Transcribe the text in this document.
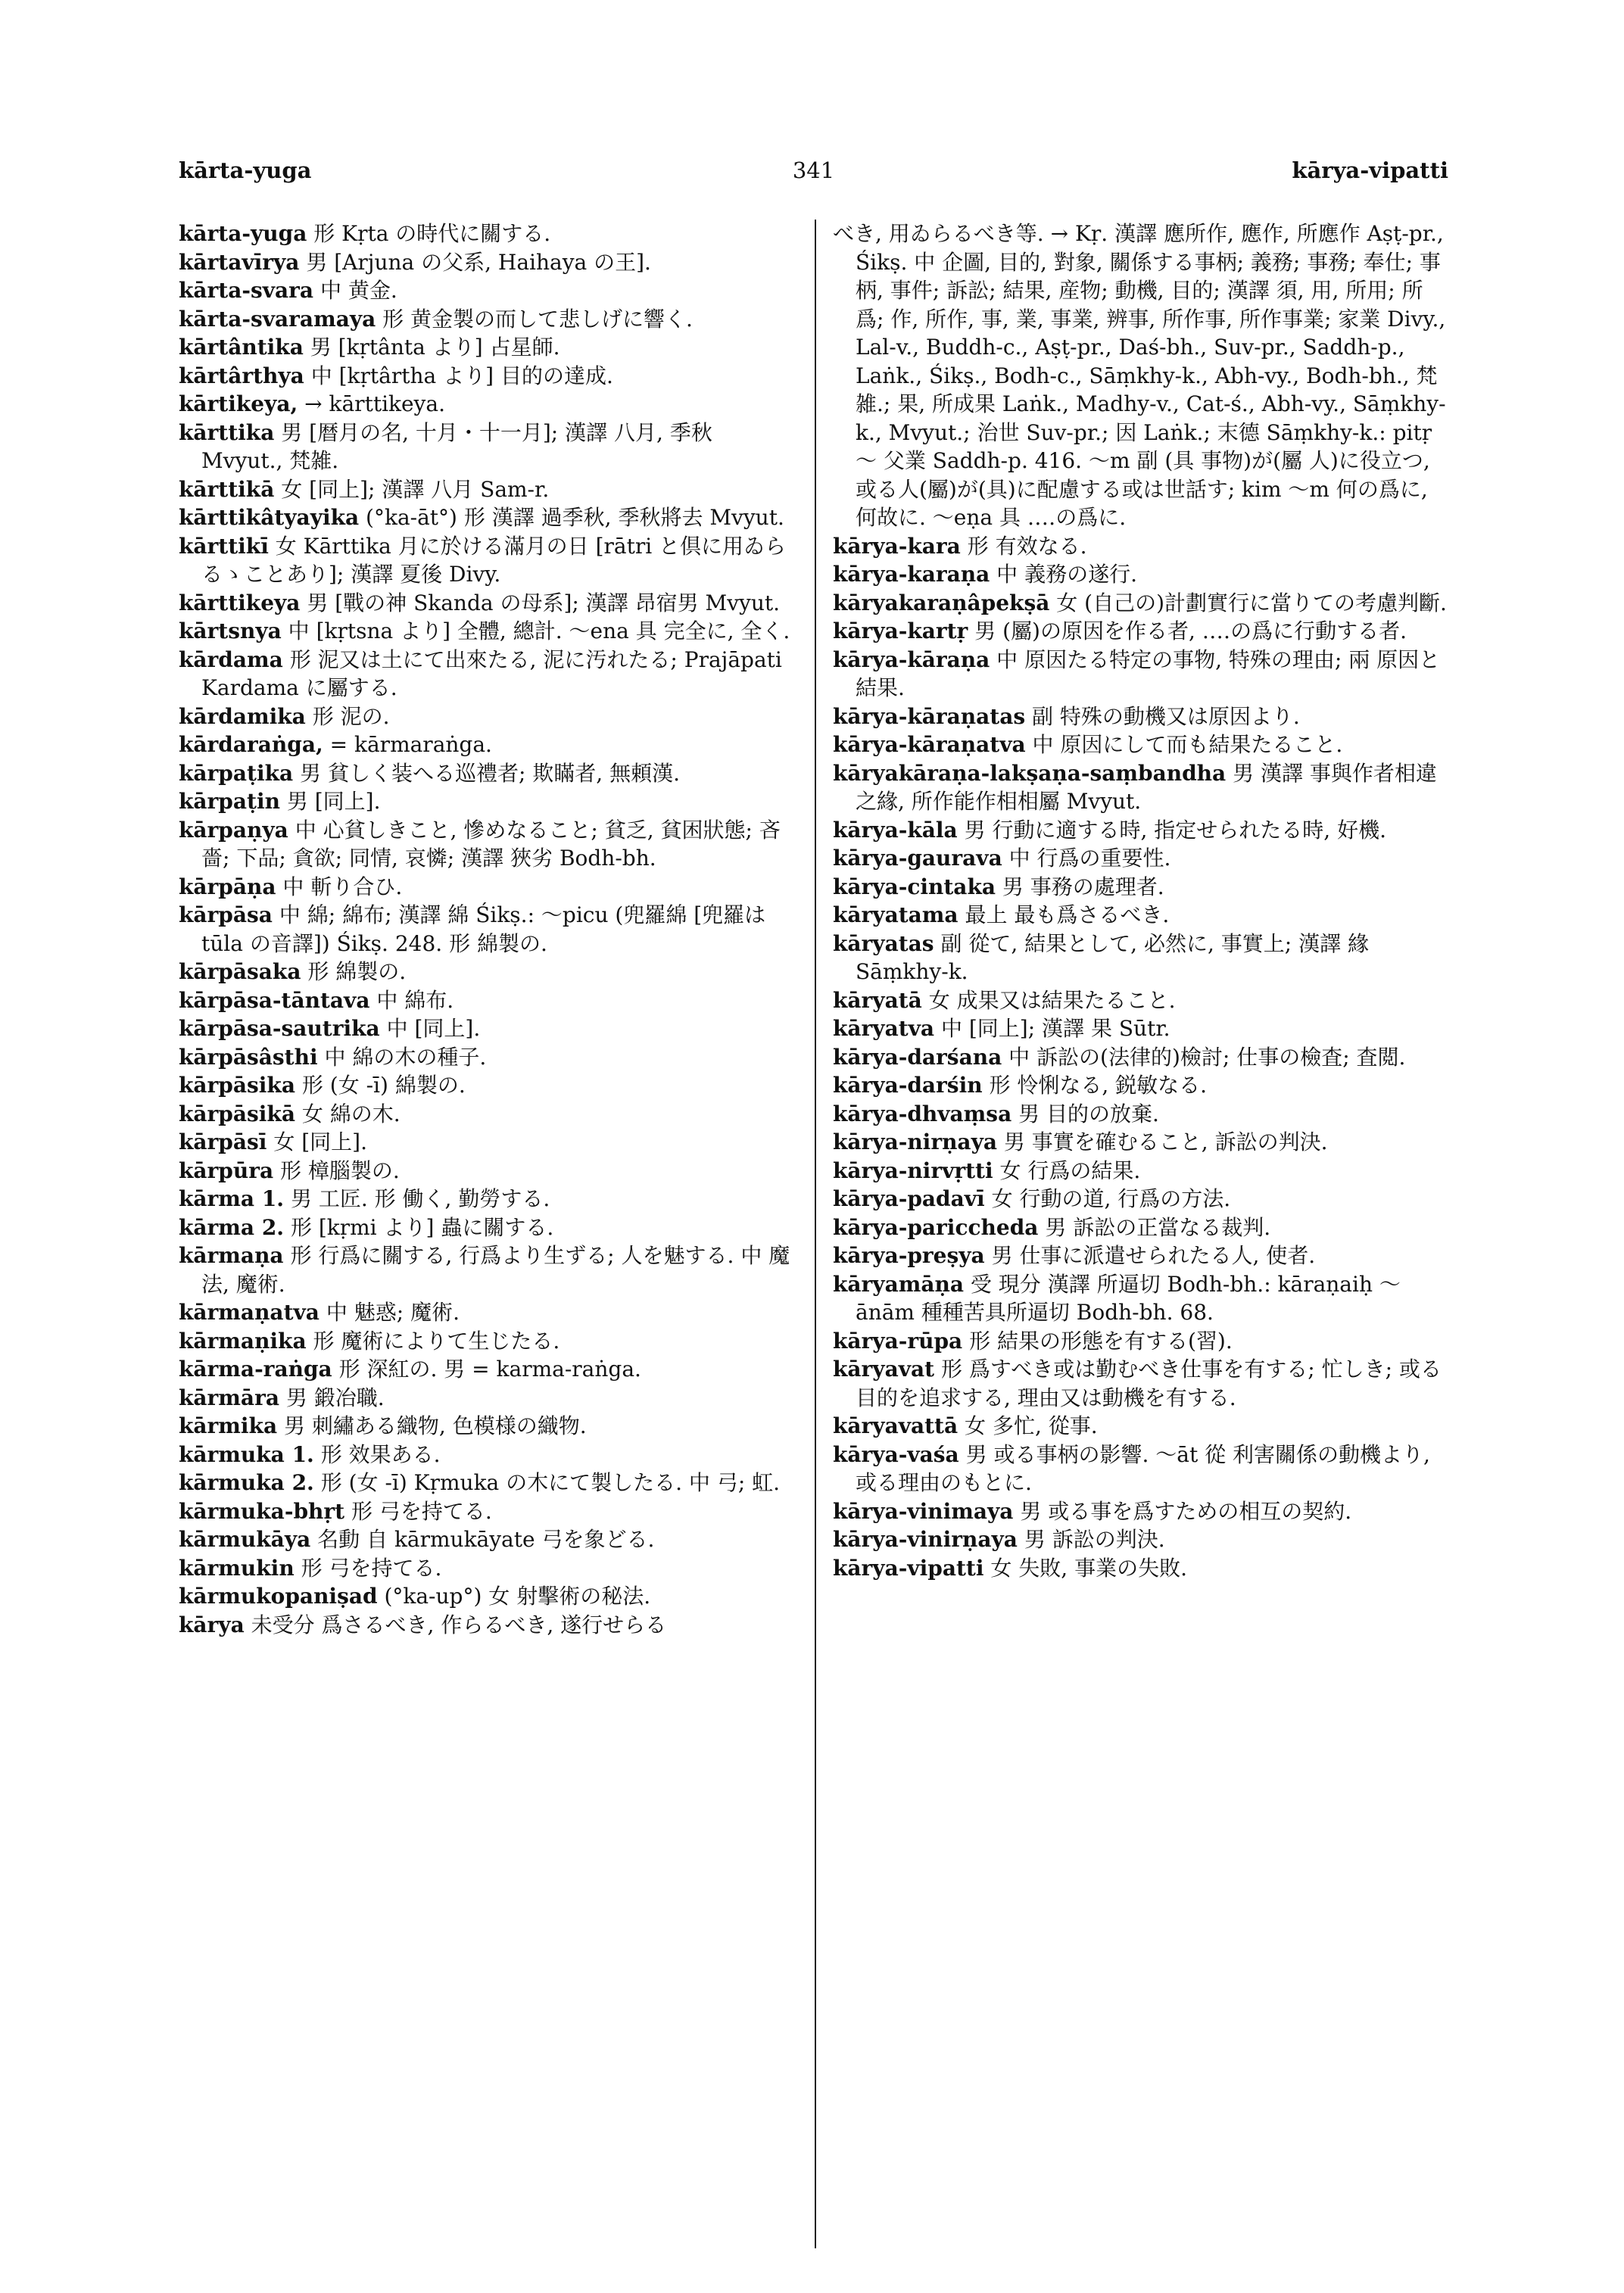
kārta-yuga	341	kārya-vipatti

kārta-yuga 形 Kṛta の時代に關する.

kārtavīrya 男 [Arjuna の父系, Haihaya の王].

kārta-svara 中 黄金.

kārta-svaramaya 形 黄金製の而して悲しげに響く.

kārtântika 男 [kṛtânta より] 占星師.

kārtârthya 中 [kṛtârtha より] 目的の達成.

kārtikeya, → kārttikeya.

kārttika 男 [暦月の名, 十月・十一月]; 漢譯 八月, 季秋 Mvyut., 梵雑.

kārttikā 女 [同上]; 漢譯 八月 Sam-r.

kārttikâtyayika (°ka-āt°) 形 漢譯 過季秋, 季秋將去 Mvyut.

kārttikī 女 Kārttika 月に於ける滿月の日 [rātri と倶に用ゐらるゝことあり]; 漢譯 夏後 Divy.

kārttikeya 男 [戰の神 Skanda の母系]; 漢譯 昂宿男 Mvyut.

kārtsnya 中 [kṛtsna より] 全體, 總計. ～ena 具 完全に, 全く.

kārdama 形 泥又は土にて出來たる, 泥に汚れたる; Prajāpati Kardama に屬する.

kārdamika 形 泥の.

kārdaraṅga, = kārmaraṅga.

kārpaṭika 男 貧しく装へる巡禮者; 欺瞞者, 無頼漢.

kārpaṭin 男 [同上].

kārpaṇya 中 心貧しきこと, 慘めなること; 貧乏, 貧困狀態; 吝嗇; 下品; 貪欲; 同情, 哀憐; 漢譯 狹劣 Bodh-bh.

kārpāṇa 中 斬り合ひ.

kārpāsa 中 綿; 綿布; 漢譯 綿 Śikṣ.: ～picu (兜羅綿 [兜羅は tūla の音譯]) Śikṣ. 248. 形 綿製の.

kārpāsaka 形 綿製の.

kārpāsa-tāntava 中 綿布.

kārpāsa-sautrika 中 [同上].

kārpāsâsthi 中 綿の木の種子.

kārpāsika 形 (女 -ī) 綿製の.

kārpāsikā 女 綿の木.

kārpāsī 女 [同上].

kārpūra 形 樟腦製の.

kārma 1. 男 工匠. 形 働く, 勤勞する.

kārma 2. 形 [kṛmi より] 蟲に關する.

kārmaṇa 形 行爲に關する, 行爲より生ずる; 人を魅する. 中 魔法, 魔術.

kārmaṇatva 中 魅惑; 魔術.

kārmaṇika 形 魔術によりて生じたる.

kārma-raṅga 形 深紅の. 男 = karma-raṅga.

kārmāra 男 鍛冶職.

kārmika 男 刺繡ある織物, 色模様の織物.

kārmuka 1. 形 效果ある.

kārmuka 2. 形 (女 -ī) Kṛmuka の木にて製したる. 中 弓; 虹.

kārmuka-bhṛt 形 弓を持てる.

kārmukāya 名動 自 kārmukāyate 弓を象どる.

kārmukin 形 弓を持てる.

kārmukopaniṣad (°ka-up°) 女 射擊術の秘法.

kārya 未受分 爲さるべき, 作らるべき, 遂行せらる

べき, 用ゐらるべき等. → Kṛ. 漢譯 應所作, 應作, 所應作 Aṣṭ-pr., Śikṣ. 中 企圖, 目的, 對象, 關係する事柄; 義務; 事務; 奉仕; 事柄, 事件; 訴訟; 結果, 産物; 動機, 目的; 漢譯 須, 用, 所用; 所爲; 作, 所作, 事, 業, 事業, 辨事, 所作事, 所作事業; 家業 Divy., Lal-v., Buddh-c., Aṣṭ-pr., Daś-bh., Suv-pr., Saddh-p., Laṅk., Śikṣ., Bodh-c., Sāṃkhy-k., Abh-vy., Bodh-bh., 梵雑.; 果, 所成果 Laṅk., Madhy-v., Cat-ś., Abh-vy., Sāṃkhy-k., Mvyut.; 治世 Suv-pr.; 因 Laṅk.; 末德 Sāṃkhy-k.: pitṛ～ 父業 Saddh-p. 416. ～m 副 (具 事物)が(屬 人)に役立つ, 或る人(屬)が(具)に配慮する或は世話す; kim ～m 何の爲に, 何故に. ～eṇa 具 ‥‥の爲に.

kārya-kara 形 有效なる.

kārya-karaṇa 中 義務の遂行.

kāryakaraṇâpekṣā 女 (自己の)計劃實行に當りての考慮判斷.

kārya-kartṛ 男 (屬)の原因を作る者, ‥‥の爲に行動する者.

kārya-kāraṇa 中 原因たる特定の事物, 特殊の理由; 兩 原因と結果.

kārya-kāraṇatas 副 特殊の動機又は原因より.

kārya-kāraṇatva 中 原因にして而も結果たること.

kāryakāraṇa-lakṣaṇa-saṃbandha 男 漢譯 事與作者相違之緣, 所作能作相相屬 Mvyut.

kārya-kāla 男 行動に適する時, 指定せられたる時, 好機.

kārya-gaurava 中 行爲の重要性.

kārya-cintaka 男 事務の處理者.

kāryatama 最上 最も爲さるべき.

kāryatas 副 從て, 結果として, 必然に, 事實上; 漢譯 緣 Sāṃkhy-k.

kāryatā 女 成果又は結果たること.

kāryatva 中 [同上]; 漢譯 果 Sūtr.

kārya-darśana 中 訴訟の(法律的)檢討; 仕事の檢査; 査閲.

kārya-darśin 形 怜悧なる, 鋭敏なる.

kārya-dhvaṃsa 男 目的の放棄.

kārya-nirṇaya 男 事實を確むること, 訴訟の判決.

kārya-nirvṛtti 女 行爲の結果.

kārya-padavī 女 行動の道, 行爲の方法.

kārya-pariccheda 男 訴訟の正當なる裁判.

kārya-preṣya 男 仕事に派遣せられたる人, 使者.

kāryamāṇa 受 現分 漢譯 所逼切 Bodh-bh.: kāraṇaiḥ ～ānām 種種苦具所逼切 Bodh-bh. 68.

kārya-rūpa 形 結果の形態を有する(習).

kāryavat 形 爲すべき或は勤むべき仕事を有する; 忙しき; 或る目的を追求する, 理由又は動機を有する.

kāryavattā 女 多忙, 從事.

kārya-vaśa 男 或る事柄の影響. ～āt 從 利害關係の動機より, 或る理由のもとに.

kārya-vinimaya 男 或る事を爲すための相互の契約.

kārya-vinirṇaya 男 訴訟の判決.

kārya-vipatti 女 失敗, 事業の失敗.
